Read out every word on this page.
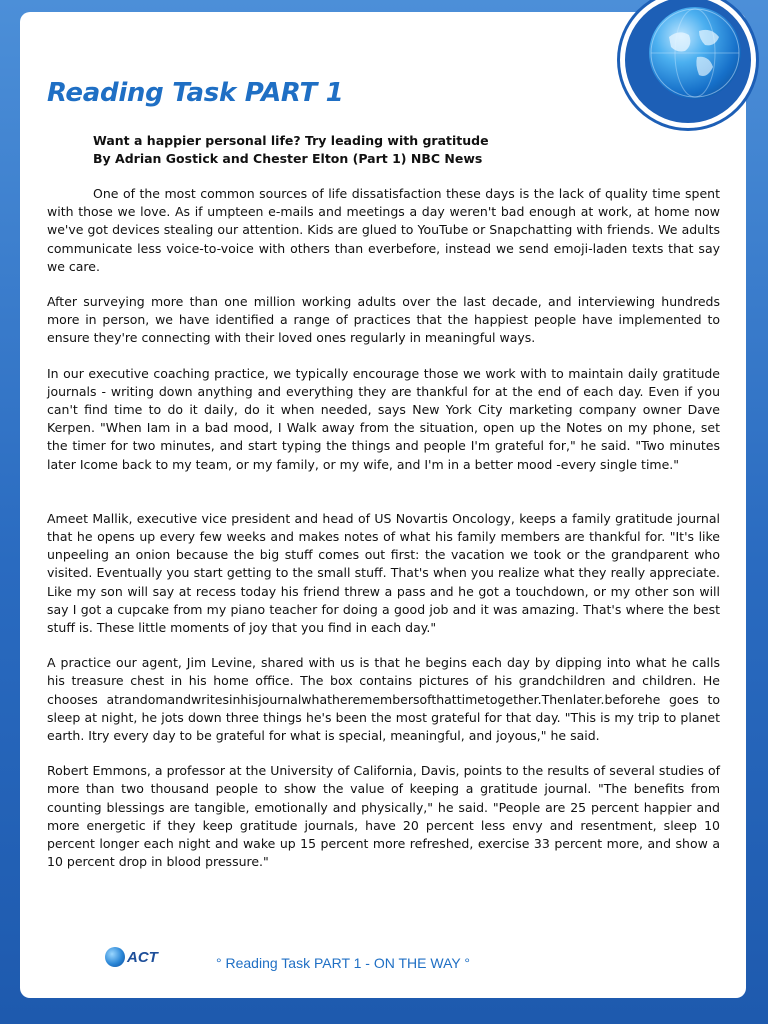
Reading Task PART 1
Want a happier personal life? Try leading with gratitude
By Adrian Gostick and Chester Elton (Part 1) NBC News

One of the most common sources of life dissatisfaction these days is the lack of quality time spent with those we love. As if umpteen e-mails and meetings a day weren't bad enough at work, at home now we've got devices stealing our attention. Kids are glued to YouTube or Snapchatting with friends. We adults communicate less voice-to-voice with others than everbefore, instead we send emoji-laden texts that say we care.

After surveying more than one million working adults over the last decade, and interviewing hundreds more in person, we have identified a range of practices that the happiest people have implemented to ensure they're connecting with their loved ones regularly in meaningful ways.

In our executive coaching practice, we typically encourage those we work with to maintain daily gratitude journals - writing down anything and everything they are thankful for at the end of each day. Even if you can't find time to do it daily, do it when needed, says New York City marketing company owner Dave Kerpen. "When Iam in a bad mood, I Walk away from the situation, open up the Notes on my phone, set the timer for two minutes, and start typing the things and people I'm grateful for," he said. "Two minutes later Icome back to my team, or my family, or my wife, and I'm in a better mood -every single time."

Ameet Mallik, executive vice president and head of US Novartis Oncology, keeps a family gratitude journal that he opens up every few weeks and makes notes of what his family members are thankful for. "It's like unpeeling an onion because the big stuff comes out first: the vacation we took or the grandparent who visited. Eventually you start getting to the small stuff. That's when you realize what they really appreciate. Like my son will say at recess today his friend threw a pass and he got a touchdown, or my other son will say I got a cupcake from my piano teacher for doing a good job and it was amazing. That's where the best stuff is. These little moments of joy that you find in each day."

A practice our agent, Jim Levine, shared with us is that he begins each day by dipping into what he calls his treasure chest in his home office. The box contains pictures of his grandchildren and children. He chooses atrandomandwritesinhisjournalwhatheremembersofthattimetogether.Thenlater.beforehe goes to sleep at night, he jots down three things he's been the most grateful for that day. "This is my trip to planet earth. Itry every day to be grateful for what is special, meaningful, and joyous," he said.

Robert Emmons, a professor at the University of California, Davis, points to the results of several studies of more than two thousand people to show the value of keeping a gratitude journal. "The benefits from counting blessings are tangible, emotionally and physically," he said. "People are 25 percent happier and more energetic if they keep gratitude journals, have 20 percent less envy and resentment, sleep 10 percent longer each night and wake up 15 percent more refreshed, exercise 33 percent more, and show a 10 percent drop in blood pressure."

ACT	° Reading Task PART 1 - ON THE WAY °
